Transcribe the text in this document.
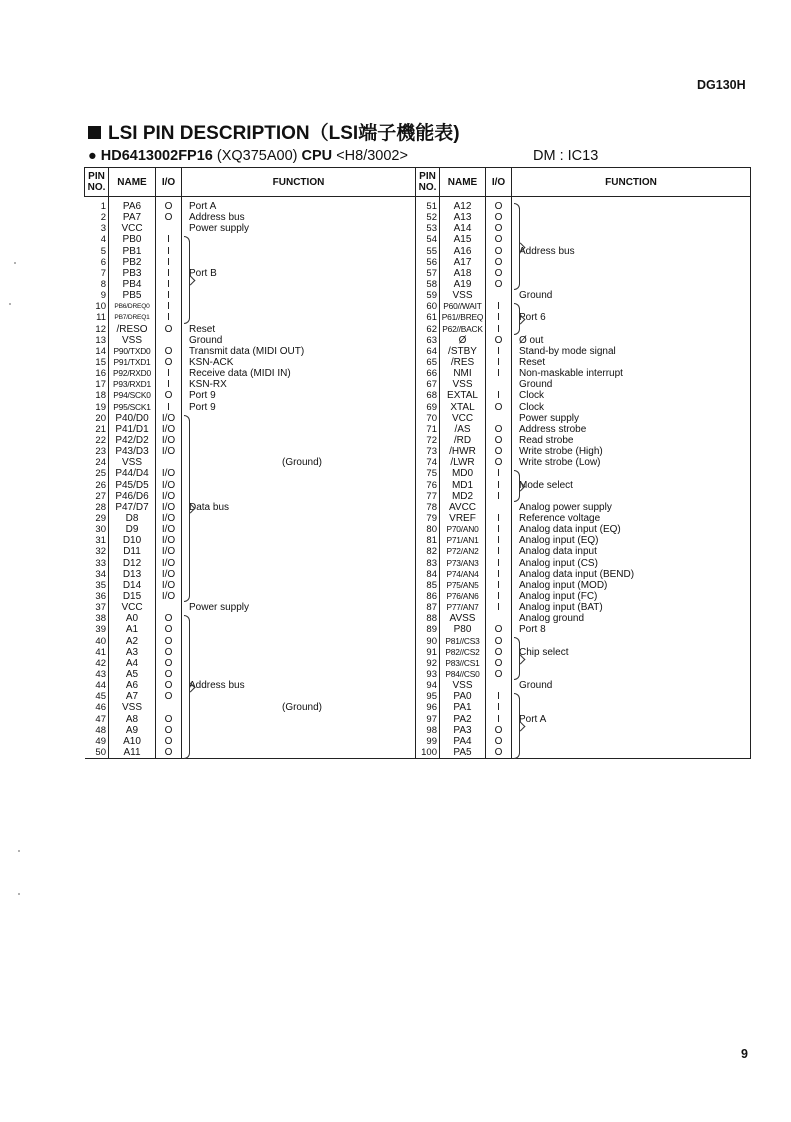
DG130H
LSI PIN DESCRIPTION（LSI端子機能表)
● HD6413002FP16 (XQ375A00) CPU <H8/3002>	DM : IC13
PIN NO.	NAME	I/O	FUNCTION	PIN NO.	NAME	I/O	FUNCTION

1	PA6	O	Port A	51	A12	O	
2	PA7	O	Address bus	52	A13	O	
3	VCC		Power supply	53	A14	O	
4	PB0	I		54	A15	O	
5	PB1	I		55	A16	O	Address bus
6	PB2	I		56	A17	O	
7	PB3	I	Port B	57	A18	O	
8	PB4	I		58	A19	O	
9	PB5	I		59	VSS		Ground
10	PB6/DREQ0	I		60	P60//WAIT	I	
11	PB7/DREQ1	I		61	P61//BREQ	I	Port 6
12	/RESO	O	Reset	62	P62//BACK	I	
13	VSS		Ground	63	Ø	O	Ø out
14	P90/TXD0	O	Transmit data (MIDI OUT)	64	/STBY	I	Stand-by mode signal
15	P91/TXD1	O	KSN-ACK	65	/RES	I	Reset
16	P92/RXD0	I	Receive data (MIDI IN)	66	NMI	I	Non-maskable interrupt
17	P93/RXD1	I	KSN-RX	67	VSS		Ground
18	P94/SCK0	O	Port 9	68	EXTAL	I	Clock
19	P95/SCK1	I	Port 9	69	XTAL	O	Clock
20	P40/D0	I/O		70	VCC		Power supply
21	P41/D1	I/O		71	/AS	O	Address strobe
22	P42/D2	I/O		72	/RD	O	Read strobe
23	P43/D3	I/O		73	/HWR	O	Write strobe (High)
24	VSS		(Ground)	74	/LWR	O	Write strobe (Low)
25	P44/D4	I/O		75	MD0	I	
26	P45/D5	I/O		76	MD1	I	Mode select
27	P46/D6	I/O		77	MD2	I	
28	P47/D7	I/O	Data bus	78	AVCC		Analog power supply
29	D8	I/O		79	VREF	I	Reference voltage
30	D9	I/O		80	P70/AN0	I	Analog data input (EQ)
31	D10	I/O		81	P71/AN1	I	Analog input (EQ)
32	D11	I/O		82	P72/AN2	I	Analog data input
33	D12	I/O		83	P73/AN3	I	Analog input (CS)
34	D13	I/O		84	P74/AN4	I	Analog data input (BEND)
35	D14	I/O		85	P75/AN5	I	Analog input (MOD)
36	D15	I/O		86	P76/AN6	I	Analog input (FC)
37	VCC		Power supply	87	P77/AN7	I	Analog input (BAT)
38	A0	O		88	AVSS		Analog ground
39	A1	O		89	P80	O	Port 8
40	A2	O		90	P81//CS3	O	
41	A3	O		91	P82//CS2	O	Chip select
42	A4	O		92	P83//CS1	O	
43	A5	O		93	P84//CS0	O	
44	A6	O	Address bus	94	VSS		Ground
45	A7	O		95	PA0	I	
46	VSS		(Ground)	96	PA1	I	
47	A8	O		97	PA2	I	Port A
48	A9	O		98	PA3	O	
49	A10	O		99	PA4	O	
50	A11	O		100	PA5	O	
9
